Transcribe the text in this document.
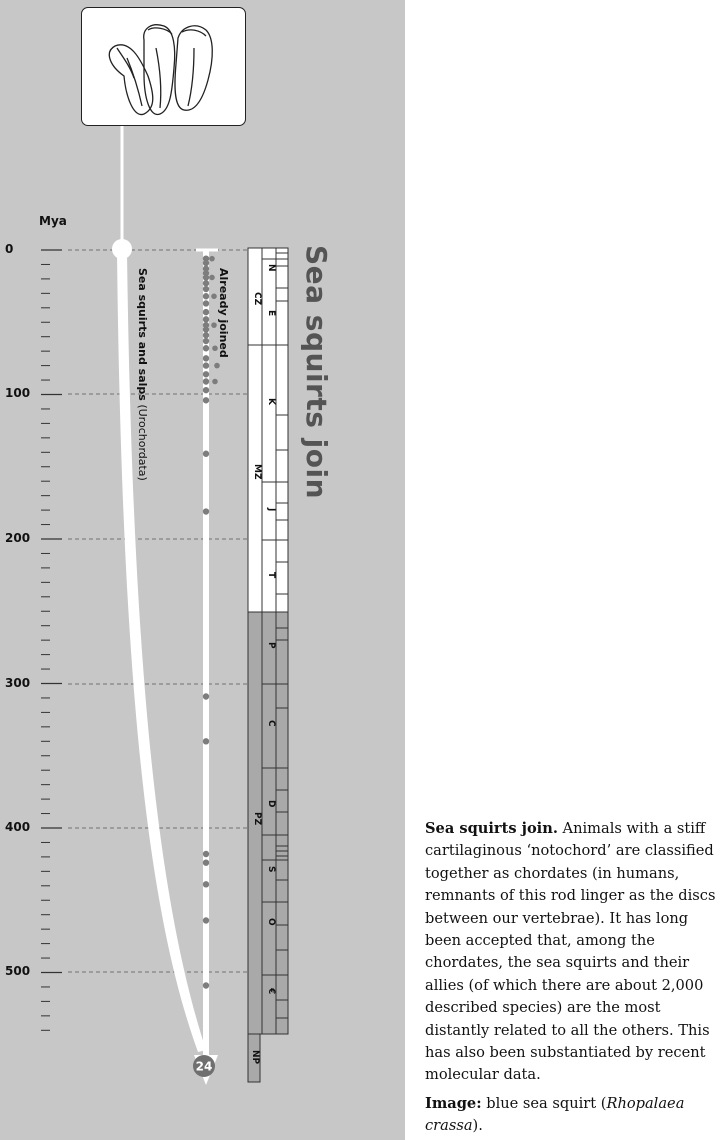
24
Mya
0
100
200
300
400
500
Sea squirts join
Sea squirts and salps (Urochordata)
Already joined
N
E
CZ
K
MZ
J
T
P
C
D
PZ
S
O
€
NP

Sea squirts join. Animals with a stiff cartilaginous ‘notochord’ are classified together as chordates (in humans, remnants of this rod linger as the discs between our vertebrae). It has long been accepted that, among the chordates, the sea squirts and their allies (of which there are about 2,000 described species) are the most distantly related to all the others. This has also been substantiated by recent molecular data.

Image: blue sea squirt (Rhopalaea crassa).
